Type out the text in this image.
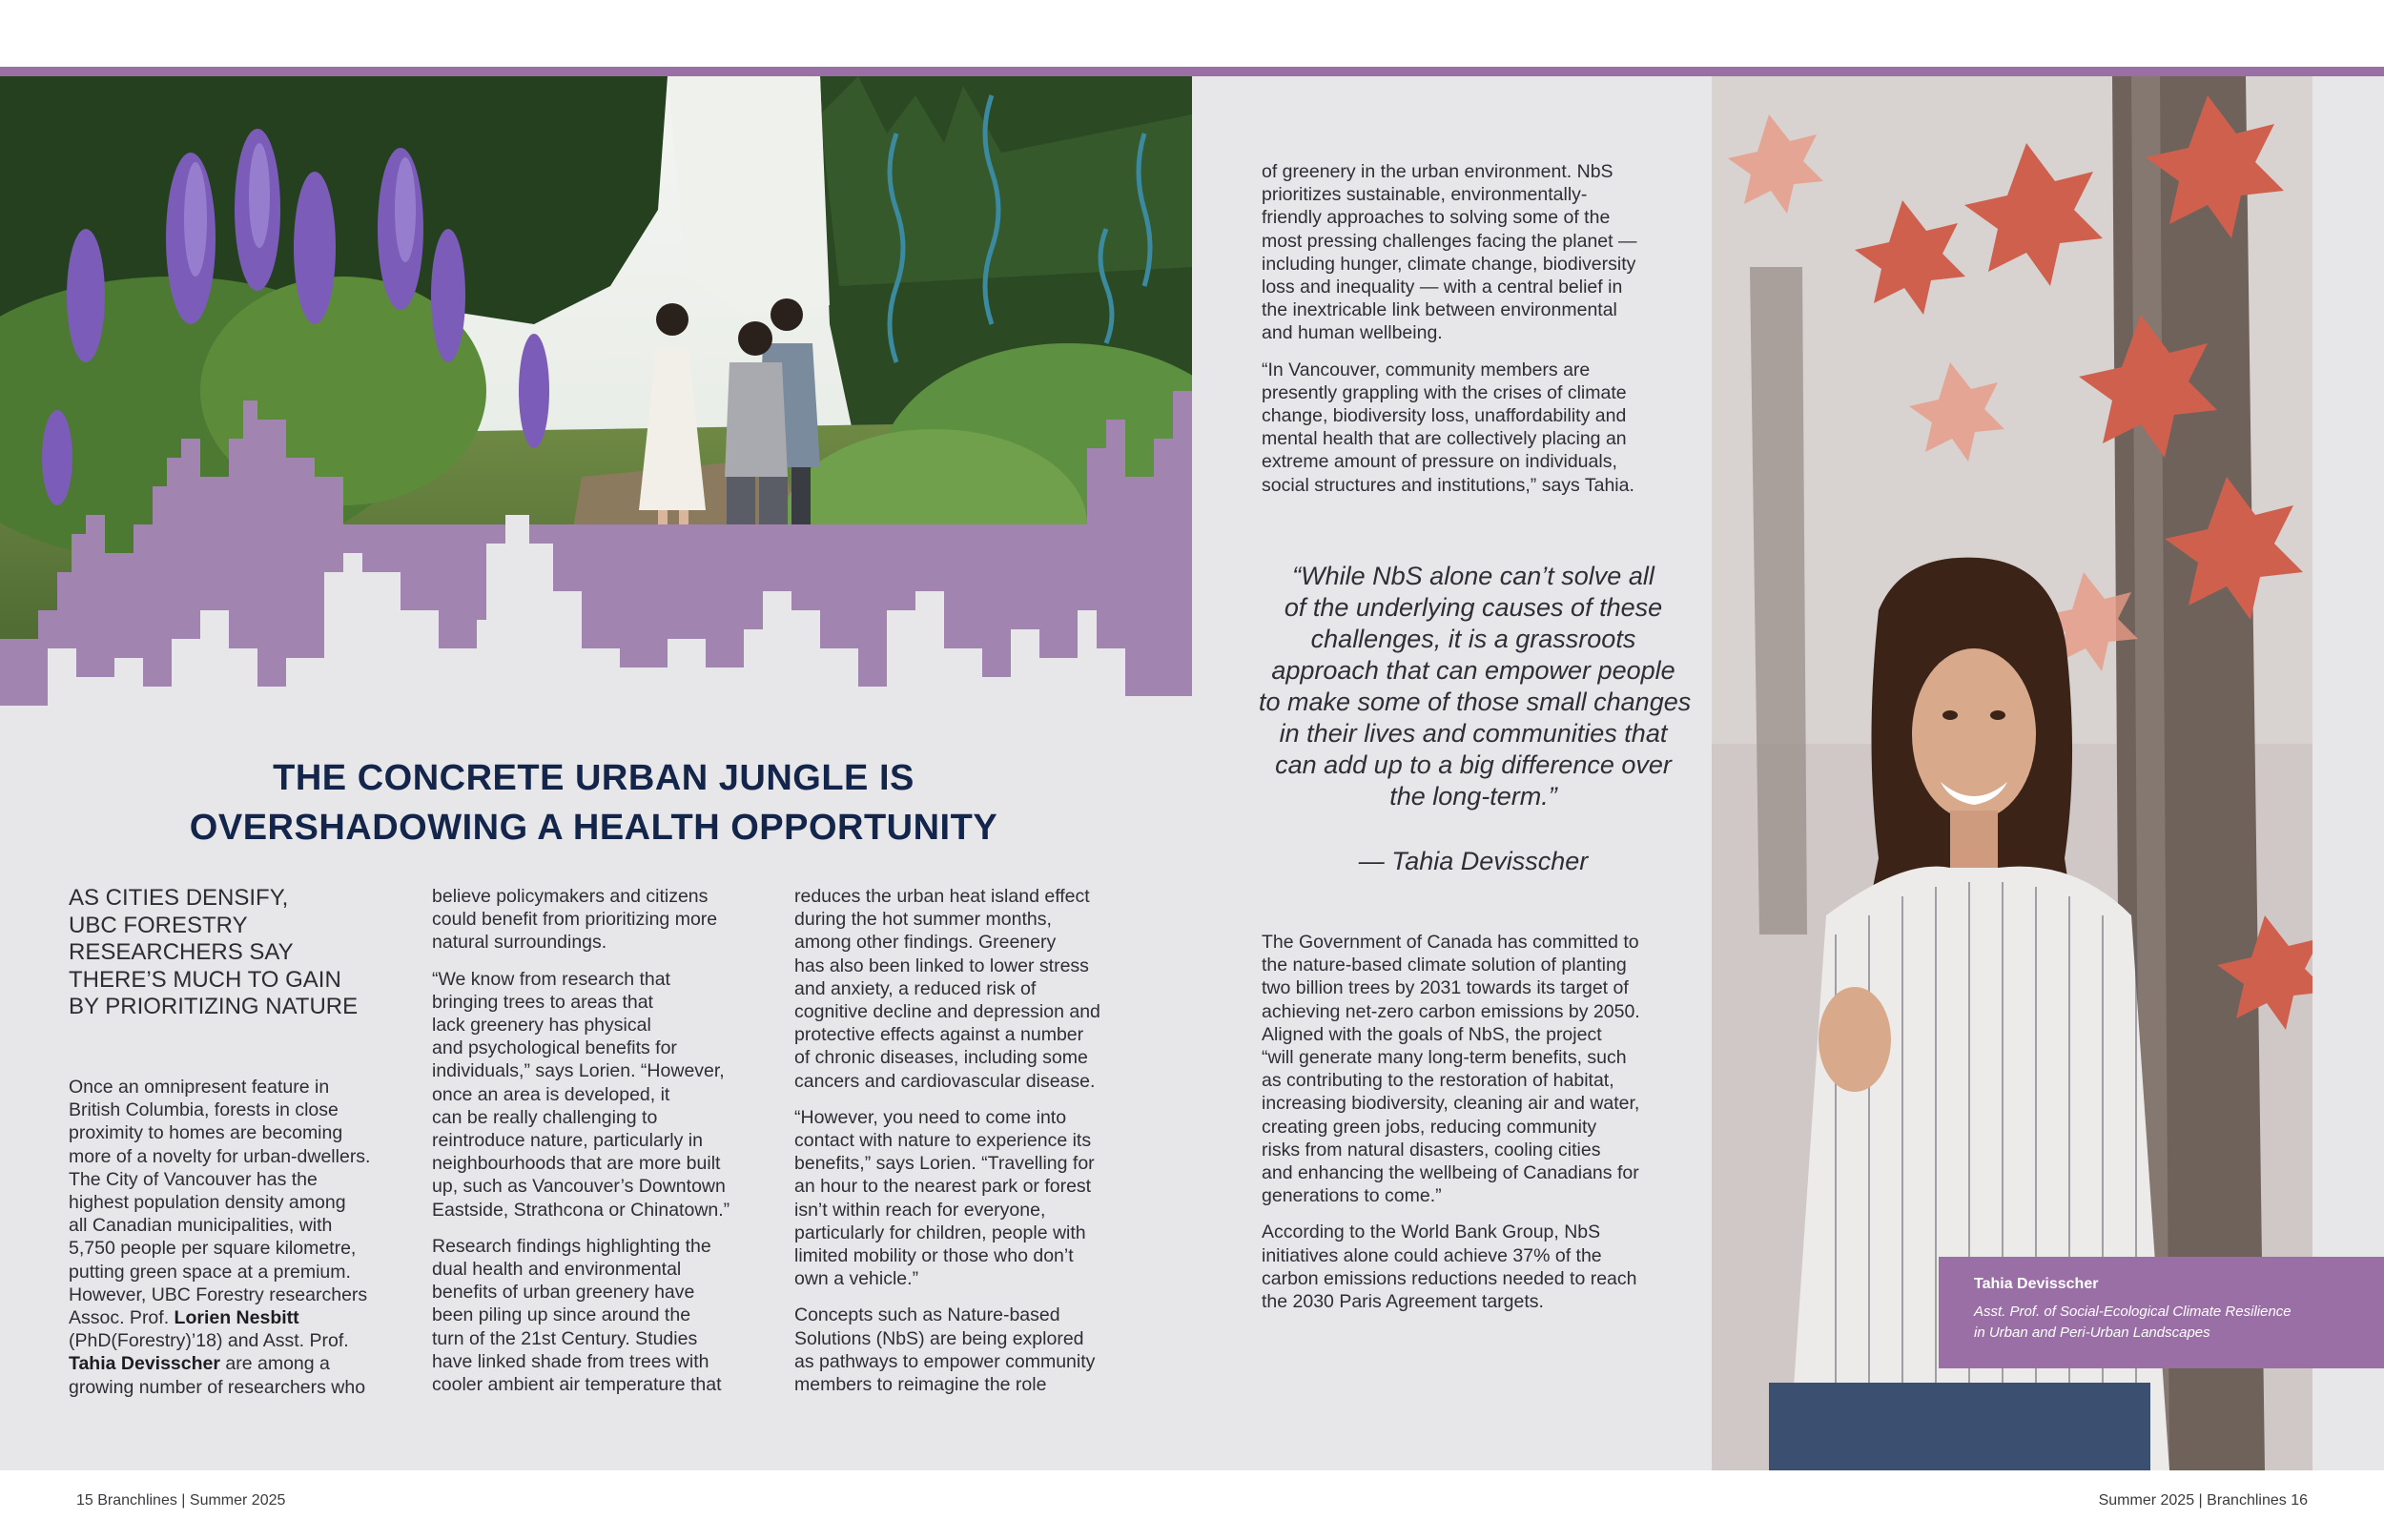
THE CONCRETE URBAN JUNGLE IS
OVERSHADOWING A HEALTH OPPORTUNITY
AS CITIES DENSIFY,
UBC FORESTRY
RESEARCHERS SAY
THERE’S MUCH TO GAIN
BY PRIORITIZING NATURE

Once an omnipresent feature in
British Columbia, forests in close
proximity to homes are becoming
more of a novelty for urban-dwellers.
The City of Vancouver has the
highest population density among
all Canadian municipalities, with
5,750 people per square kilometre,
putting green space at a premium.
However, UBC Forestry researchers
Assoc. Prof. Lorien Nesbitt
(PhD(Forestry)’18) and Asst. Prof.
Tahia Devisscher are among a
growing number of researchers who

believe policymakers and citizens
could benefit from prioritizing more
natural surroundings.

“We know from research that
bringing trees to areas that
lack greenery has physical
and psychological benefits for
individuals,” says Lorien. “However,
once an area is developed, it
can be really challenging to
reintroduce nature, particularly in
neighbourhoods that are more built
up, such as Vancouver’s Downtown
Eastside, Strathcona or Chinatown.”

Research findings highlighting the
dual health and environmental
benefits of urban greenery have
been piling up since around the
turn of the 21st Century. Studies
have linked shade from trees with
cooler ambient air temperature that

reduces the urban heat island effect
during the hot summer months,
among other findings. Greenery
has also been linked to lower stress
and anxiety, a reduced risk of
cognitive decline and depression and
protective effects against a number
of chronic diseases, including some
cancers and cardiovascular disease.

“However, you need to come into
contact with nature to experience its
benefits,” says Lorien. “Travelling for
an hour to the nearest park or forest
isn’t within reach for everyone,
particularly for children, people with
limited mobility or those who don’t
own a vehicle.”

Concepts such as Nature-based
Solutions (NbS) are being explored
as pathways to empower community
members to reimagine the role

of greenery in the urban environment. NbS
prioritizes sustainable, environmentally-
friendly approaches to solving some of the
most pressing challenges facing the planet —
including hunger, climate change, biodiversity
loss and inequality — with a central belief in
the inextricable link between environmental
and human wellbeing.

“In Vancouver, community members are
presently grappling with the crises of climate
change, biodiversity loss, unaffordability and
mental health that are collectively placing an
extreme amount of pressure on individuals,
social structures and institutions,” says Tahia.

“While NbS alone can’t solve all
of the underlying causes of these
challenges, it is a grassroots
approach that can empower people
to make some of those small changes
in their lives and communities that
can add up to a big difference over
the long-term.”
— Tahia Devisscher

The Government of Canada has committed to
the nature-based climate solution of planting
two billion trees by 2031 towards its target of
achieving net-zero carbon emissions by 2050.
Aligned with the goals of NbS, the project
“will generate many long-term benefits, such
as contributing to the restoration of habitat,
increasing biodiversity, cleaning air and water,
creating green jobs, reducing community
risks from natural disasters, cooling cities
and enhancing the wellbeing of Canadians for
generations to come.”

According to the World Bank Group, NbS
initiatives alone could achieve 37% of the
carbon emissions reductions needed to reach
the 2030 Paris Agreement targets.

Tahia Devisscher
Asst. Prof. of Social-Ecological Climate Resilience
in Urban and Peri-Urban Landscapes
15 Branchlines | Summer 2025	Summer 2025 | Branchlines 16
